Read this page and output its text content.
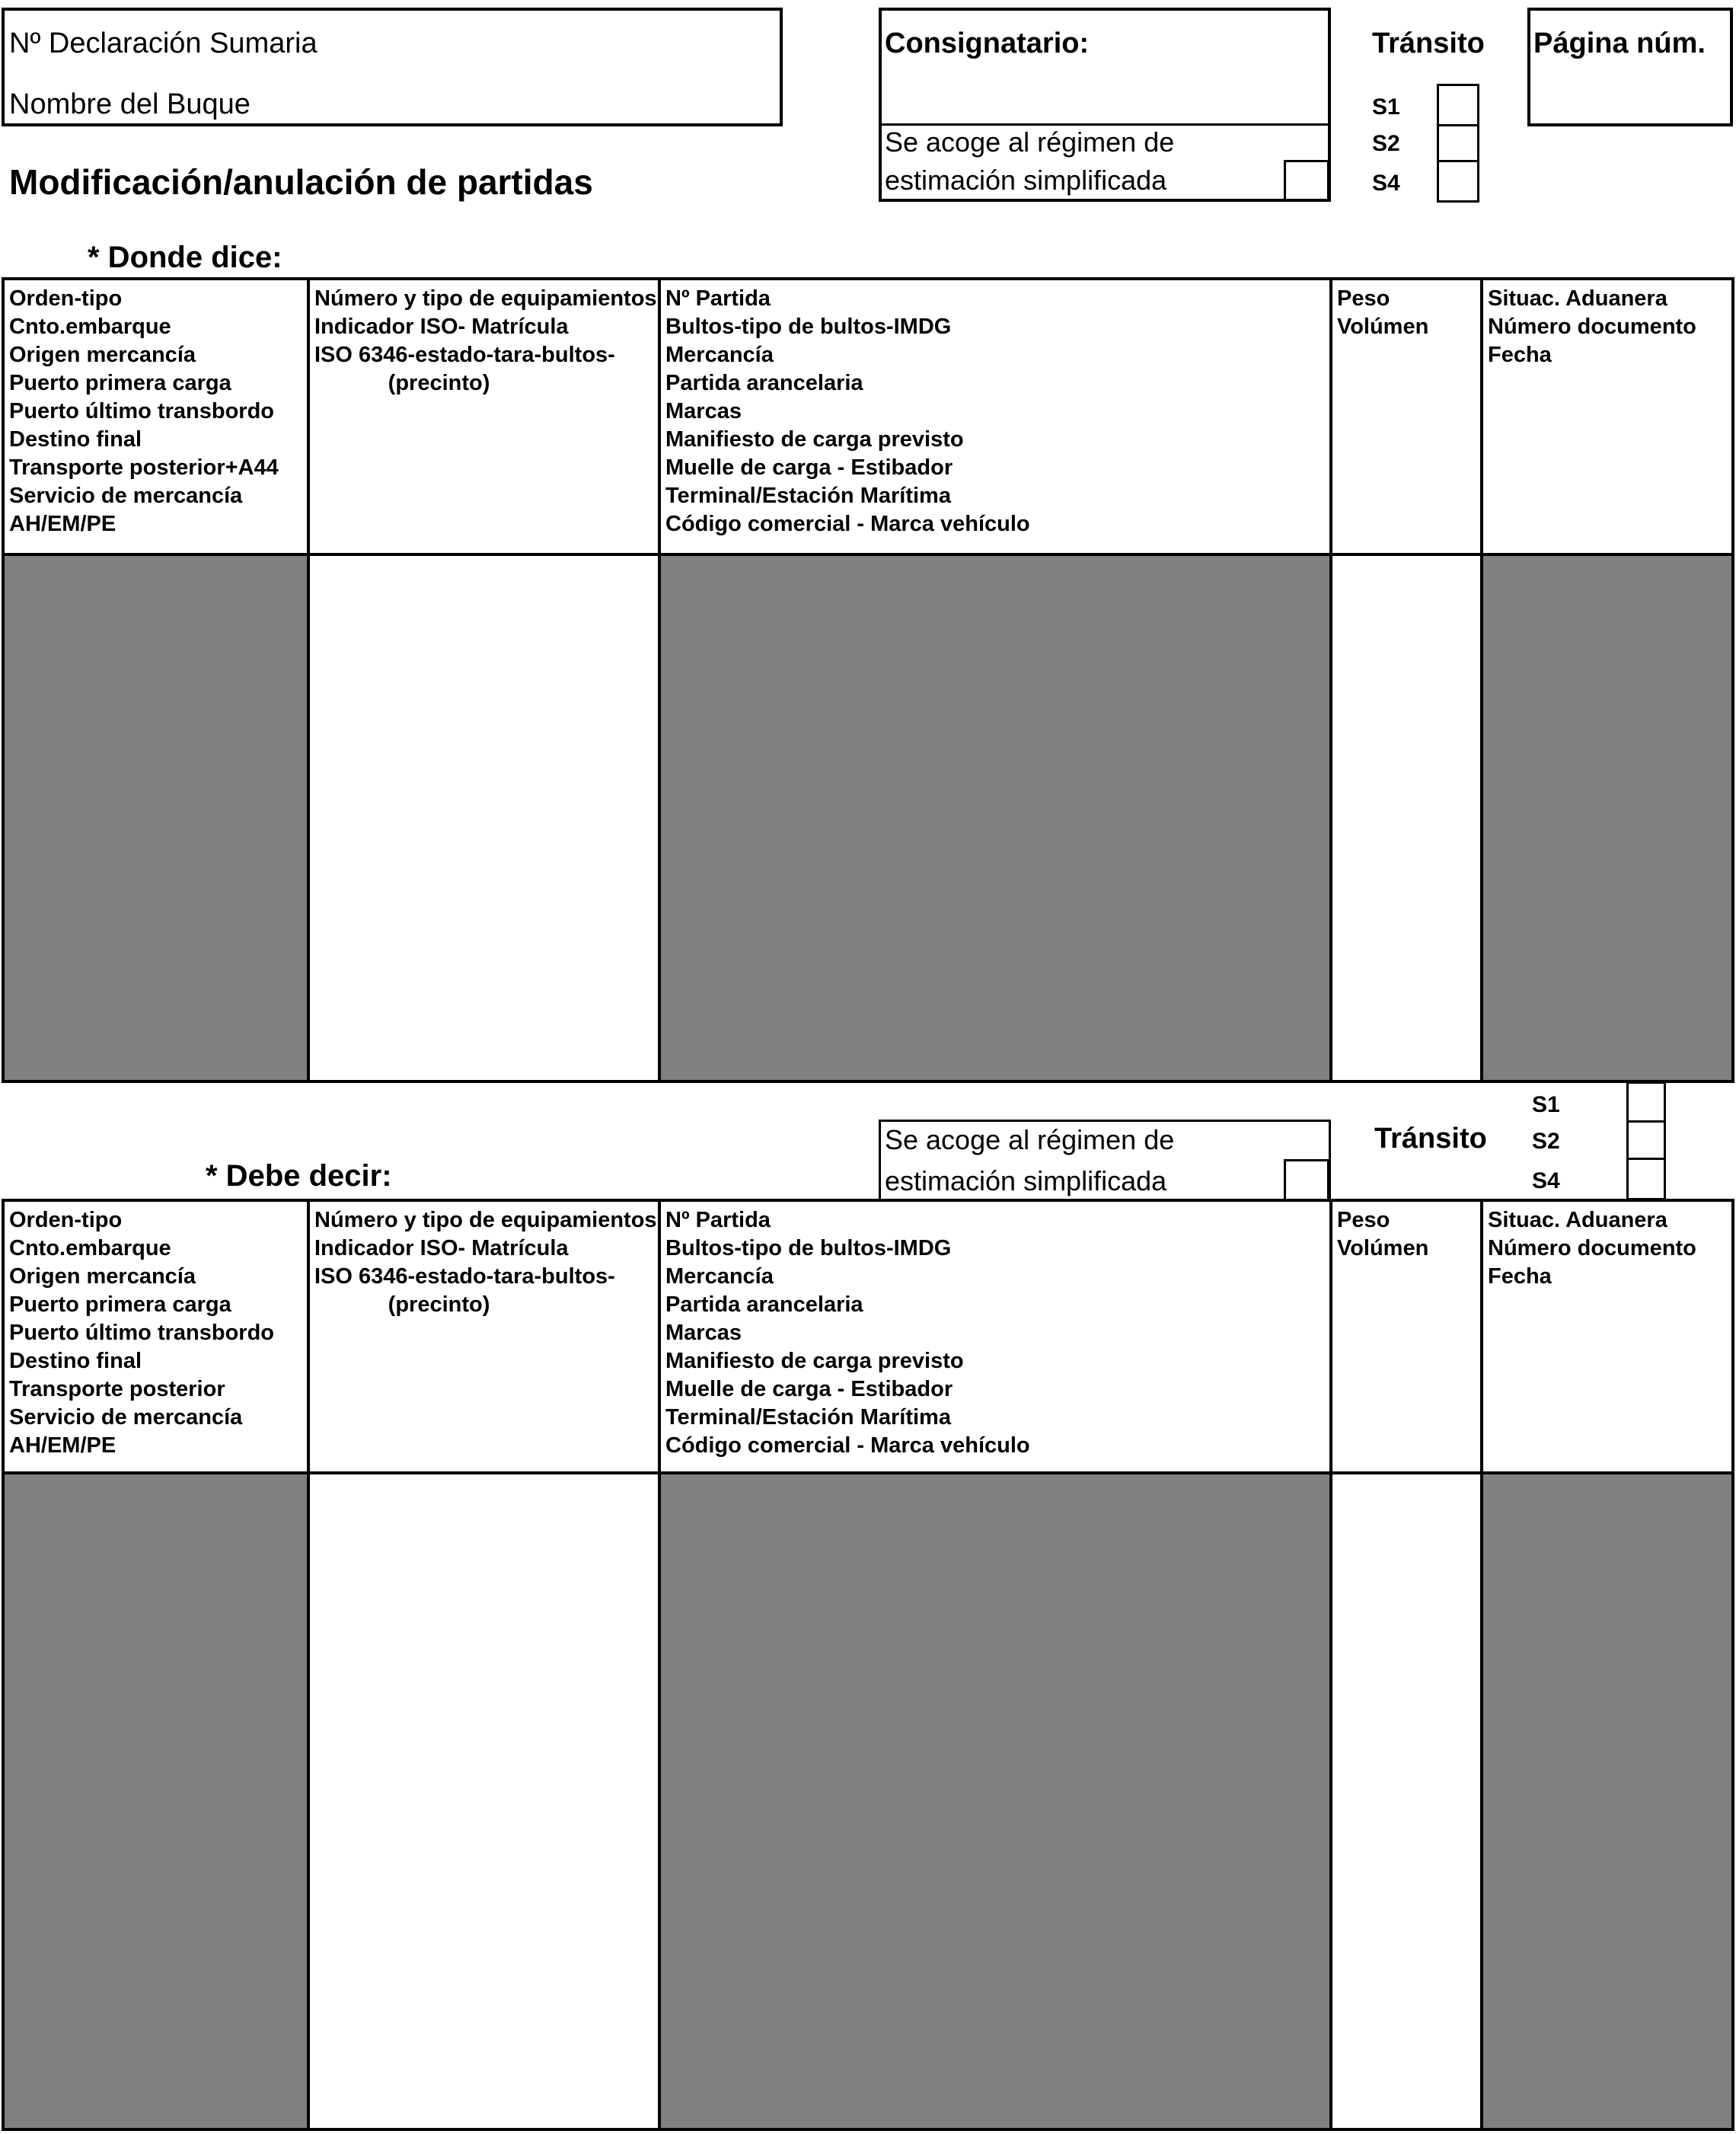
Nº Declaración Sumaria
Nombre del Buque
Modificación/anulación de partidas
Consignatario:
Se acoge al régimen de
estimación simplificada
Tránsito
S1
S2
S4
Página núm.
* Donde dice:
Orden-tipo
Cnto.embarque
Origen mercancía
Puerto primera carga
Puerto último transbordo
Destino final
Transporte posterior+A44
Servicio de mercancía
AH/EM/PE
Número y tipo de equipamientos
Indicador ISO- Matrícula
ISO 6346-estado-tara-bultos-
(precinto)
Nº Partida
Bultos-tipo de bultos-IMDG
Mercancía
Partida arancelaria
Marcas
Manifiesto de carga previsto
Muelle de carga - Estibador
Terminal/Estación Marítima
Código comercial - Marca vehículo
Peso
Volúmen
Situac. Aduanera
Número documento
Fecha
S1
S2
S4
Tránsito
Se acoge al régimen de
estimación simplificada
* Debe decir:
Orden-tipo
Cnto.embarque
Origen mercancía
Puerto primera carga
Puerto último transbordo
Destino final
Transporte posterior
Servicio de mercancía
AH/EM/PE
Número y tipo de equipamientos
Indicador ISO- Matrícula
ISO 6346-estado-tara-bultos-
(precinto)
Nº Partida
Bultos-tipo de bultos-IMDG
Mercancía
Partida arancelaria
Marcas
Manifiesto de carga previsto
Muelle de carga - Estibador
Terminal/Estación Marítima
Código comercial - Marca vehículo
Peso
Volúmen
Situac. Aduanera
Número documento
Fecha
